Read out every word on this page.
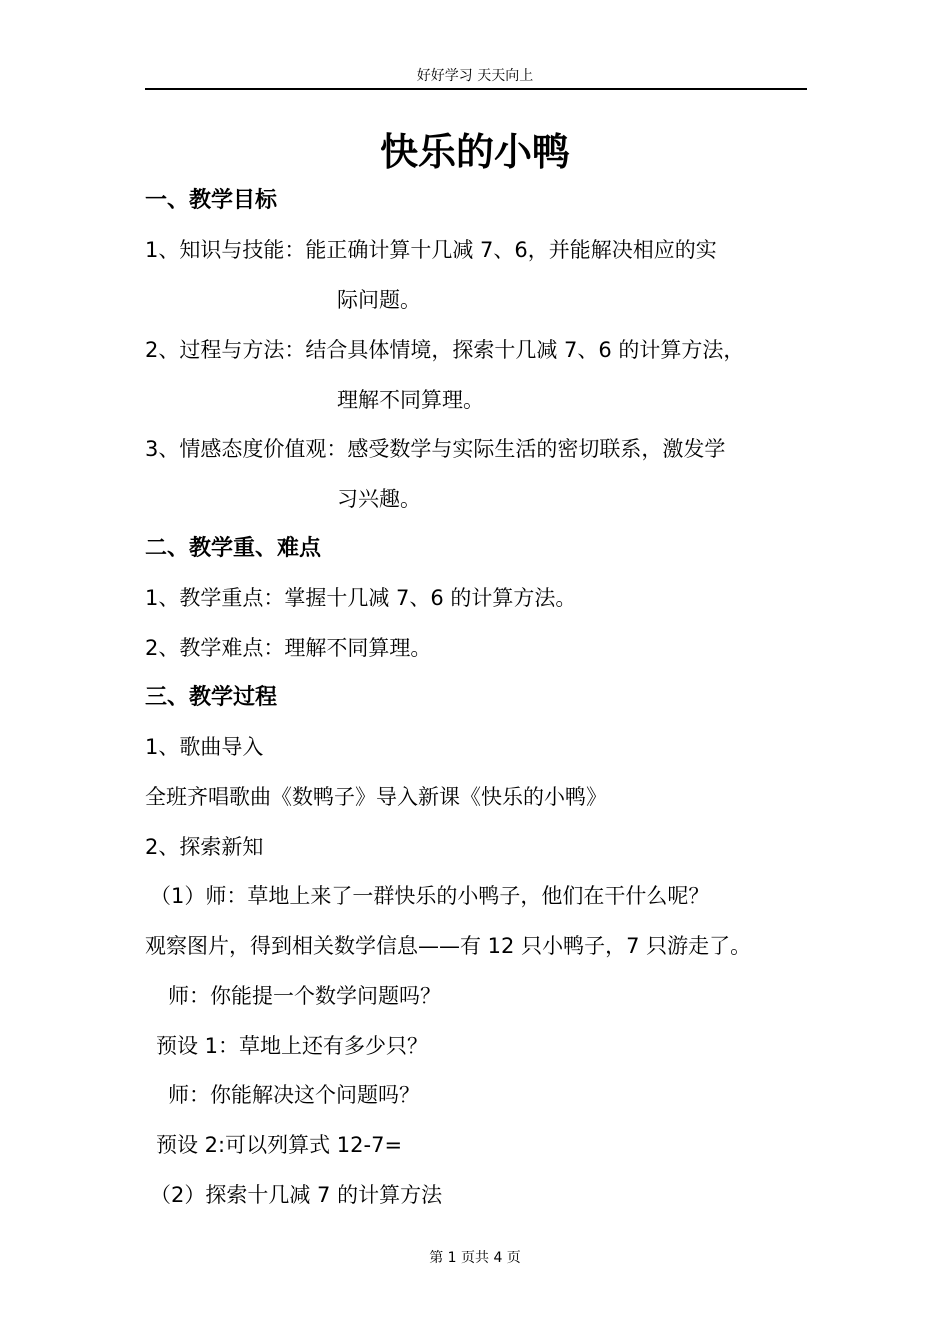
好好学习 天天向上
快乐的小鸭
一、教学目标
1、知识与技能：能正确计算十几减 7、6，并能解决相应的实
际问题。
2、过程与方法：结合具体情境，探索十几减 7、6 的计算方法，
理解不同算理。
3、情感态度价值观：感受数学与实际生活的密切联系，激发学
习兴趣。
二、教学重、难点
1、教学重点：掌握十几减 7、6 的计算方法。
2、教学难点：理解不同算理。
三、教学过程
1、歌曲导入
全班齐唱歌曲《数鸭子》导入新课《快乐的小鸭》
2、探索新知
（1）师：草地上来了一群快乐的小鸭子，他们在干什么呢？
观察图片，得到相关数学信息——有 12 只小鸭子，7 只游走了。
师：你能提一个数学问题吗？
预设 1：草地上还有多少只？
师：你能解决这个问题吗？
预设 2:可以列算式 12-7=
（2）探索十几减 7 的计算方法
第 1 页共 4 页
